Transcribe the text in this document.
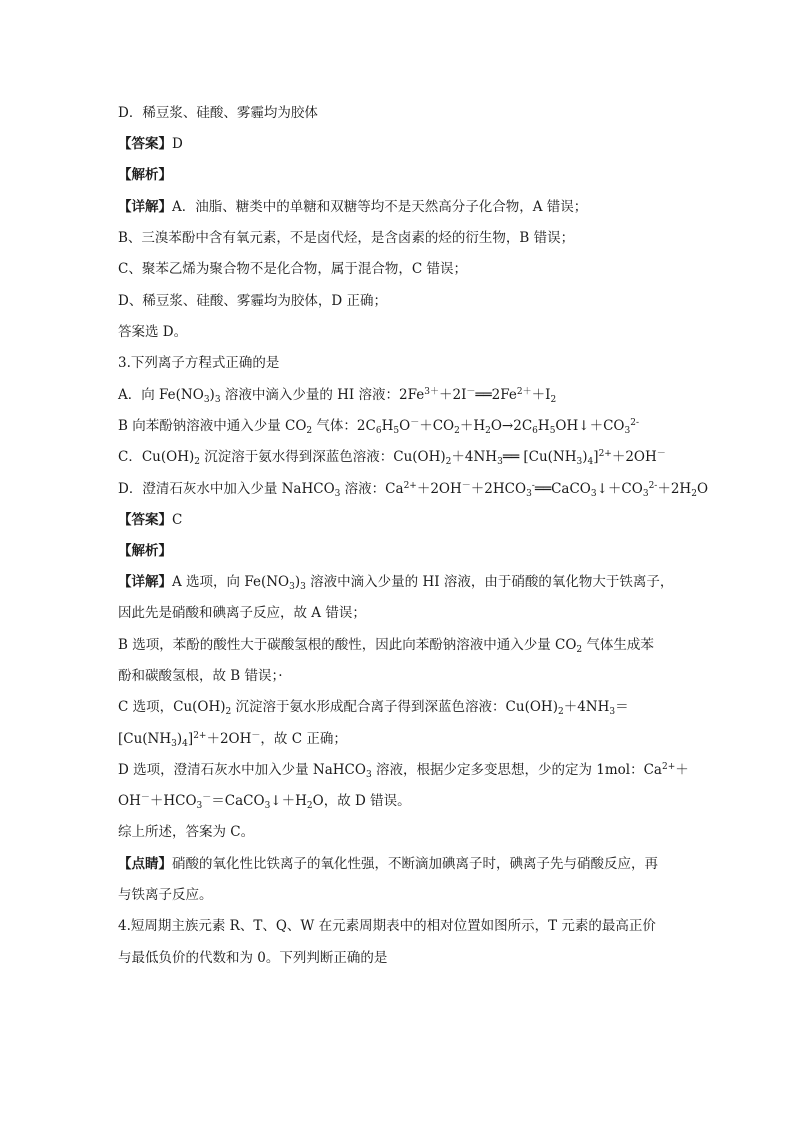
D．稀豆浆、硅酸、雾霾均为胶体
【答案】D
【解析】
【详解】A．油脂、糖类中的单糖和双糖等均不是天然高分子化合物，A 错误；
B、三溴苯酚中含有氧元素，不是卤代烃，是含卤素的烃的衍生物，B 错误；
C、聚苯乙烯为聚合物不是化合物，属于混合物，C 错误；
D、稀豆浆、硅酸、雾霾均为胶体，D 正确；
答案选 D。
3.下列离子方程式正确的是
A．向 $Fe(NO_3)_3$ 溶液中滴入少量的 HI 溶液：$2Fe^{3+}+2I^-══2Fe^{2+}+I_2$
B 向苯酚钠溶液中通入少量 $CO_2$ 气体：$2C_6H_5O^-+CO_2+H_2O\to 2C_6H_5OH↓+CO_3^{2-}$
C．$Cu(OH)_2$ 沉淀溶于氨水得到深蓝色溶液：$Cu(OH)_2+4NH_3══$ $[Cu(NH_3)_4]^{2+}+2OH^-$
D．澄清石灰水中加入少量 NaHCO$_3$ 溶液：$Ca^{2+}+2OH^-+2HCO_3^-══CaCO_3↓+CO_3^{2-}+2H_2O$
【答案】C
【解析】
【详解】A 选项，向 $Fe(NO_3)_3$ 溶液中滴入少量的 HI 溶液，由于硝酸的氧化物大于铁离子，
因此先是硝酸和碘离子反应，故 A 错误；
B 选项，苯酚的酸性大于碳酸氢根的酸性，因此向苯酚钠溶液中通入少量 $CO_2$ 气体生成苯
酚和碳酸氢根，故 B 错误；·
C 选项，$Cu(OH)_2$ 沉淀溶于氨水形成配合离子得到深蓝色溶液：$Cu(OH)_2+4NH_3=$
$[Cu(NH_3)_4]^{2+}+2OH^-$，故 C 正确；
D 选项，澄清石灰水中加入少量 NaHCO$_3$ 溶液，根据少定多变思想，少的定为 1mol：$Ca^{2+}+$
$OH^-+HCO_3^-=CaCO_3↓+H_2O$，故 D 错误。
综上所述，答案为 C。
【点睛】硝酸的氧化性比铁离子的氧化性强，不断滴加碘离子时，碘离子先与硝酸反应，再
与铁离子反应。
4.短周期主族元素 R、T、Q、W 在元素周期表中的相对位置如图所示，T 元素的最高正价
与最低负价的代数和为 0。下列判断正确的是
